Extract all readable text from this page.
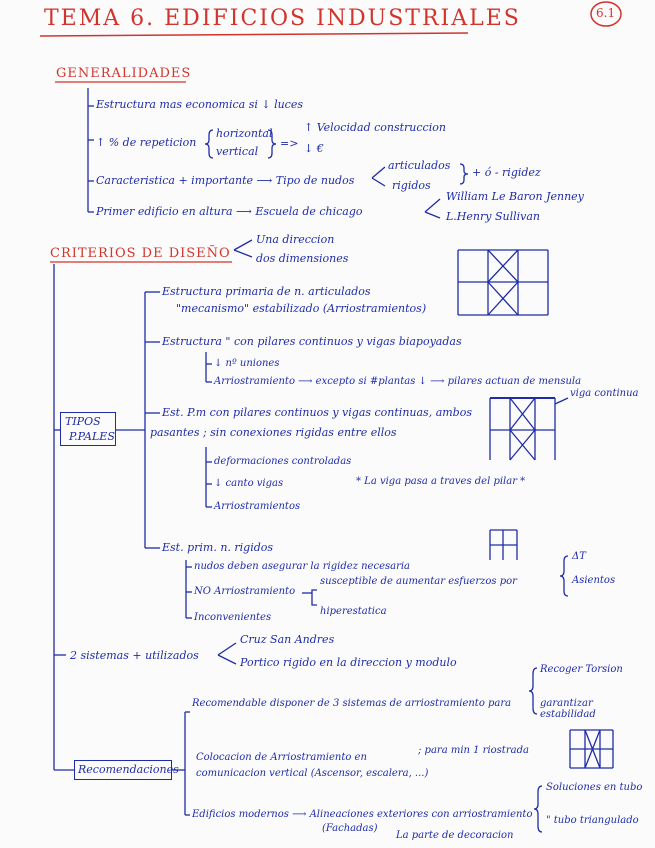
TEMA 6. EDIFICIOS INDUSTRIALES	6.1
GENERALIDADES
Estructura mas economica si ↓ luces
↑ % de repeticion
horizontal
vertical
=>
↑ Velocidad construccion
↓ €
Caracteristica + importante ⟶ Tipo de nudos
articulados
rigidos
+ ó - rigidez
Primer edificio en altura ⟶ Escuela de chicago
William Le Baron Jenney
L.Henry Sullivan
CRITERIOS DE DISEÑO
Una direccion
dos dimensiones
TIPOS
P.PALES
Estructura primaria de n. articulados
"mecanismo" estabilizado (Arriostramientos)
Estructura " con pilares continuos y vigas biapoyadas
↓ nº uniones
Arriostramiento ⟶ excepto si #plantas ↓ ⟶ pilares actuan de mensula
Est. P.m con pilares continuos y vigas continuas, ambos
pasantes ; sin conexiones rigidas entre ellos
deformaciones controladas
↓ canto vigas	* La viga pasa a traves del pilar *
Arriostramientos
viga continua
Est. prim. n. rigidos
nudos deben asegurar la rigidez necesaria
NO Arriostramiento
susceptible de aumentar esfuerzos por
ΔT
Asientos
Inconvenientes
hiperestatica
2 sistemas + utilizados
Cruz San Andres
Portico rigido en la direccion y modulo
Recomendaciones
Recomendable disponer de 3 sistemas de arriostramiento para
Recoger Torsion
garantizar estabilidad
Colocacion de Arriostramiento en
comunicacion vertical (Ascensor, escalera, ...)
; para min 1 riostrada
Edificios modernos ⟶ Alineaciones exteriores con arriostramiento
(Fachadas)
Soluciones en tubo
" tubo triangulado
La parte de decoracion
